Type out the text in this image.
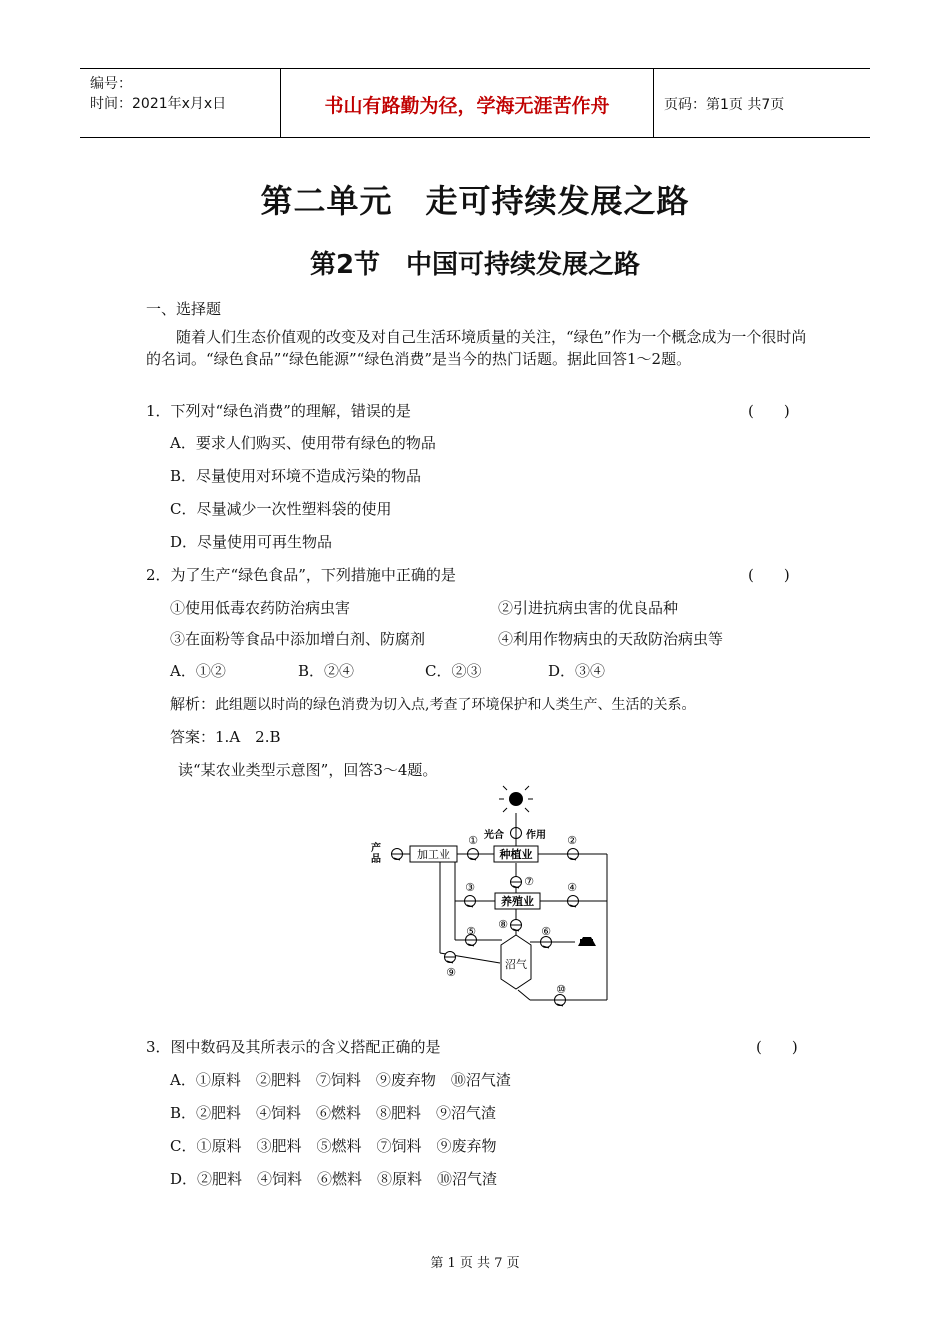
编号：
时间：2021年x月x日	书山有路勤为径，学海无涯苦作舟	页码：第1页 共7页
第二单元　走可持续发展之路
第2节　中国可持续发展之路
一、选择题
随着人们生态价值观的改变及对自己生活环境质量的关注，“绿色”作为一个概念成为一个很时尚的名词。“绿色食品”“绿色能源”“绿色消费”是当今的热门话题。据此回答1～2题。
1．下列对“绿色消费”的理解，错误的是	(　　)
A．要求人们购买、使用带有绿色的物品
B．尽量使用对环境不造成污染的物品
C．尽量减少一次性塑料袋的使用
D．尽量使用可再生物品
2．为了生产“绿色食品”，下列措施中正确的是	(　　)
①使用低毒农药防治病虫害	②引进抗病虫害的优良品种
③在面粉等食品中添加增白剂、防腐剂	④利用作物病虫的天敌防治病虫等
A．①②	B．②④	C．②③	D．③④
解析：此组题以时尚的绿色消费为切入点,考查了环境保护和人类生产、生活的关系。
答案：1.A　2.B
读“某农业类型示意图”，回答3～4题。
光合 作用
加工业	种植业
养殖业
沼气
产
品
①	②
③	④
⑤	⑥
⑦
⑧
⑨
⑩
3．图中数码及其所表示的含义搭配正确的是	(　　)
A．①原料　②肥料　⑦饲料　⑨废弃物　⑩沼气渣
B．②肥料　④饲料　⑥燃料　⑧肥料　⑨沼气渣
C．①原料　③肥料　⑤燃料　⑦饲料　⑨废弃物
D．②肥料　④饲料　⑥燃料　⑧原料　⑩沼气渣
第 1 页 共 7 页
